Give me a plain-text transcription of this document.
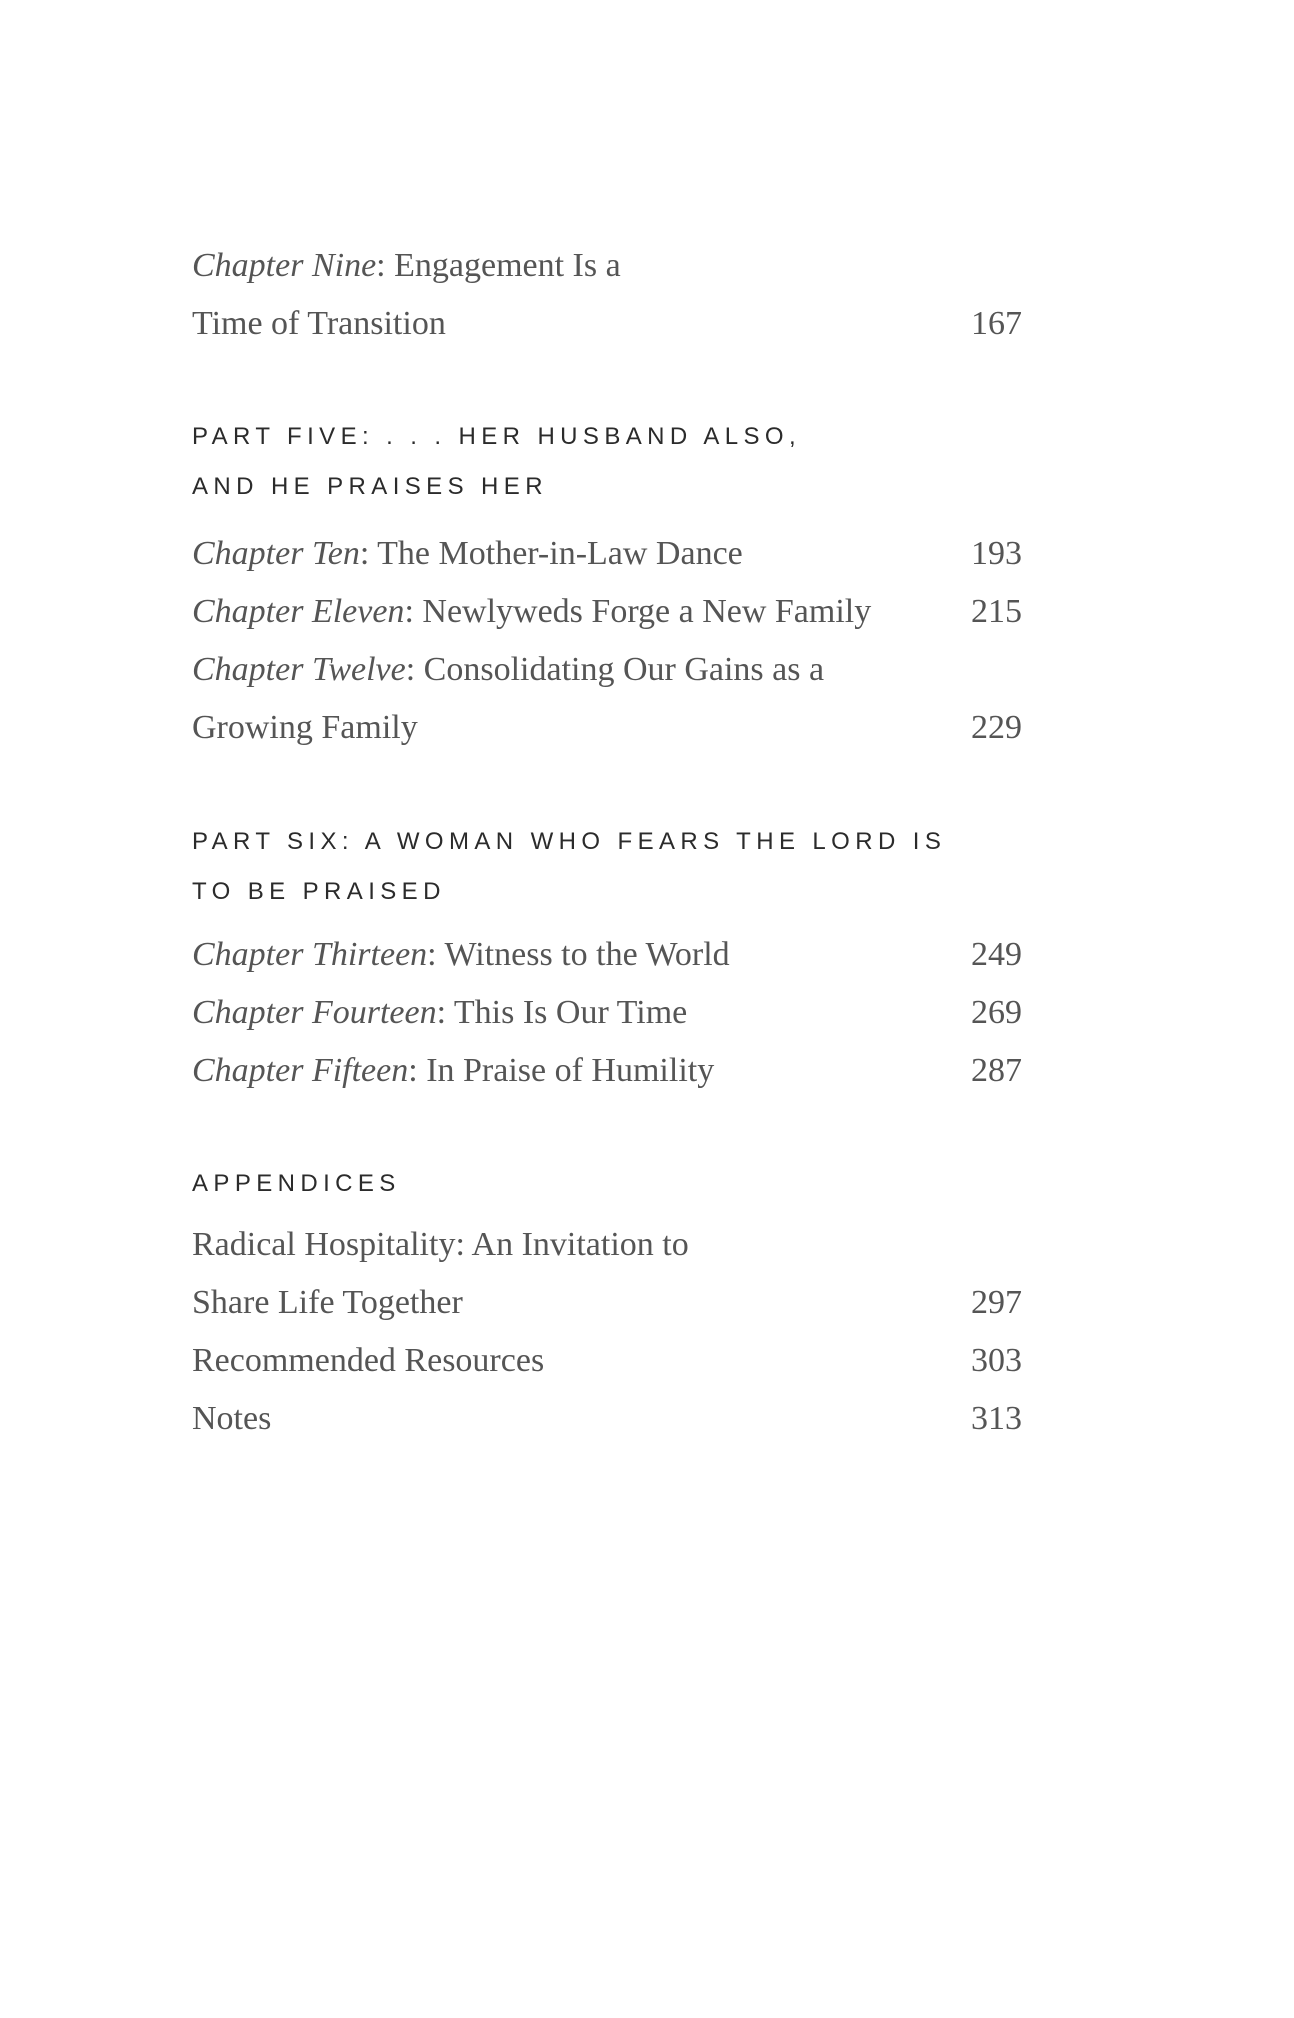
Chapter Nine: Engagement Is a
Time of Transition	167
PART FIVE: . . . HER HUSBAND ALSO,
AND HE PRAISES HER
Chapter Ten: The Mother-in-Law Dance	193
Chapter Eleven: Newlyweds Forge a New Family	215
Chapter Twelve: Consolidating Our Gains as a
Growing Family	229
PART SIX: A WOMAN WHO FEARS THE LORD IS
TO BE PRAISED
Chapter Thirteen: Witness to the World	249
Chapter Fourteen: This Is Our Time	269
Chapter Fifteen: In Praise of Humility	287
APPENDICES
Radical Hospitality: An Invitation to
Share Life Together	297
Recommended Resources	303
Notes	313
